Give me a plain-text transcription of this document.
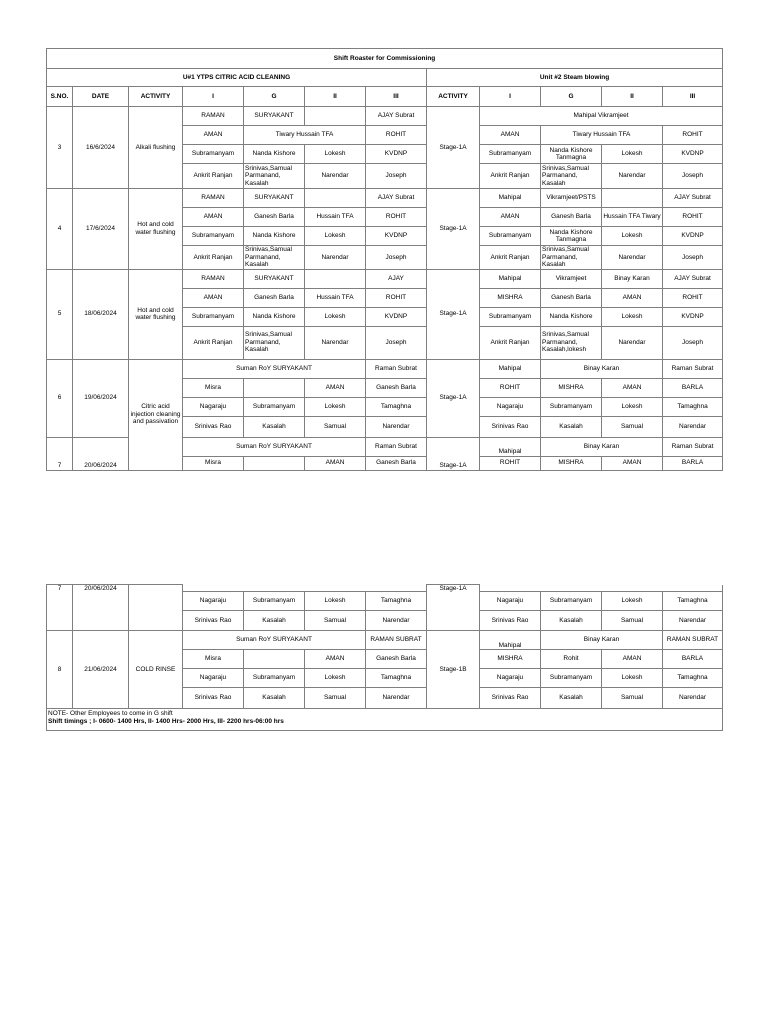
Shift Roaster for Commissioning											
U#1 YTPS CITRIC ACID CLEANING							Unit #2 Steam blowing				
S.NO.	DATE	ACTIVITY	I	G	II	III	ACTIVITY	I	G	II	III
3	16/6/2024	Alkali flushing	RAMAN	SURYAKANT		AJAY Subrat	Stage-1A	Mahipal Vikramjeet			
			AMAN	Tiwary Hussain TFA		ROHIT		AMAN	Tiwary Hussain TFA		ROHIT
			Subramanyam	Nanda Kishore	Lokesh	KVDNP		Subramanyam	Nanda Kishore Tanmagna	Lokesh	KVDNP
			Ankrit Ranjan	Srinivas,Samual Parmanand, Kasalah	Narendar	Joseph		Ankrit Ranjan	Srinivas,Samual Parmanand, Kasalah	Narendar	Joseph
4	17/6/2024	Hot and cold water flushing	RAMAN	SURYAKANT		AJAY Subrat	Stage-1A	Mahipal	Vikramjeet/PSTS		AJAY Subrat
			AMAN	Ganesh Barla	Hussain TFA	ROHIT		AMAN	Ganesh Barla	Hussain TFA Tiwary	ROHIT
			Subramanyam	Nanda Kishore	Lokesh	KVDNP		Subramanyam	Nanda Kishore Tanmagna	Lokesh	KVDNP
			Ankrit Ranjan	Srinivas,Samual Parmanand, Kasalah	Narendar	Joseph		Ankrit Ranjan	Srinivas,Samual Parmanand, Kasalah	Narendar	Joseph
5	18/06/2024	Hot and cold water flushing	RAMAN	SURYAKANT		AJAY	Stage-1A	Mahipal	Vikramjeet	Binay Karan	AJAY Subrat
			AMAN	Ganesh Barla	Hussain TFA	ROHIT		MISHRA	Ganesh Barla	AMAN	ROHIT
			Subramanyam	Nanda Kishore	Lokesh	KVDNP		Subramanyam	Nanda Kishore	Lokesh	KVDNP
			Ankrit Ranjan	Srinivas,Samual Parmanand, Kasalah	Narendar	Joseph		Ankrit Ranjan	Srinivas,Samual Parmanand, Kasalah,lokesh	Narendar	Joseph
6	19/06/2024	Citric acid injection cleaning and passivation	Suman RoY SURYAKANT			Raman Subrat	Stage-1A	Mahipal	Binay Karan		Raman Subrat
			Misra		AMAN	Ganesh Barla		ROHIT	MISHRA	AMAN	BARLA
			Nagaraju	Subramanyam	Lokesh	Tamaghna		Nagaraju	Subramanyam	Lokesh	Tamaghna
			Srinivas Rao	Kasalah	Samual	Narendar		Srinivas Rao	Kasalah	Samual	Narendar
7	20/06/2024		Suman RoY SURYAKANT			Raman Subrat	Stage-1A	Mahipal	Binay Karan		Raman Subrat
			Misra		AMAN	Ganesh Barla		ROHIT	MISHRA	AMAN	BARLA
7	20/06/2024						Stage-1A				
			Nagaraju	Subramanyam	Lokesh	Tamaghna		Nagaraju	Subramanyam	Lokesh	Tamaghna
			Srinivas Rao	Kasalah	Samual	Narendar		Srinivas Rao	Kasalah	Samual	Narendar
8	21/06/2024	COLD RINSE	Suman RoY SURYAKANT			RAMAN SUBRAT	Stage-1B	Mahipal	Binay Karan		RAMAN SUBRAT
			Misra		AMAN	Ganesh Barla		MISHRA	Rohit	AMAN	BARLA
			Nagaraju	Subramanyam	Lokesh	Tamaghna		Nagaraju	Subramanyam	Lokesh	Tamaghna
			Srinivas Rao	Kasalah	Samual	Narendar		Srinivas Rao	Kasalah	Samual	Narendar

NOTE- Other Employees to come in G shift
Shift timings ; I- 0600- 1400 Hrs, II- 1400 Hrs- 2000 Hrs, III- 2200 hrs-06:00 hrs											
